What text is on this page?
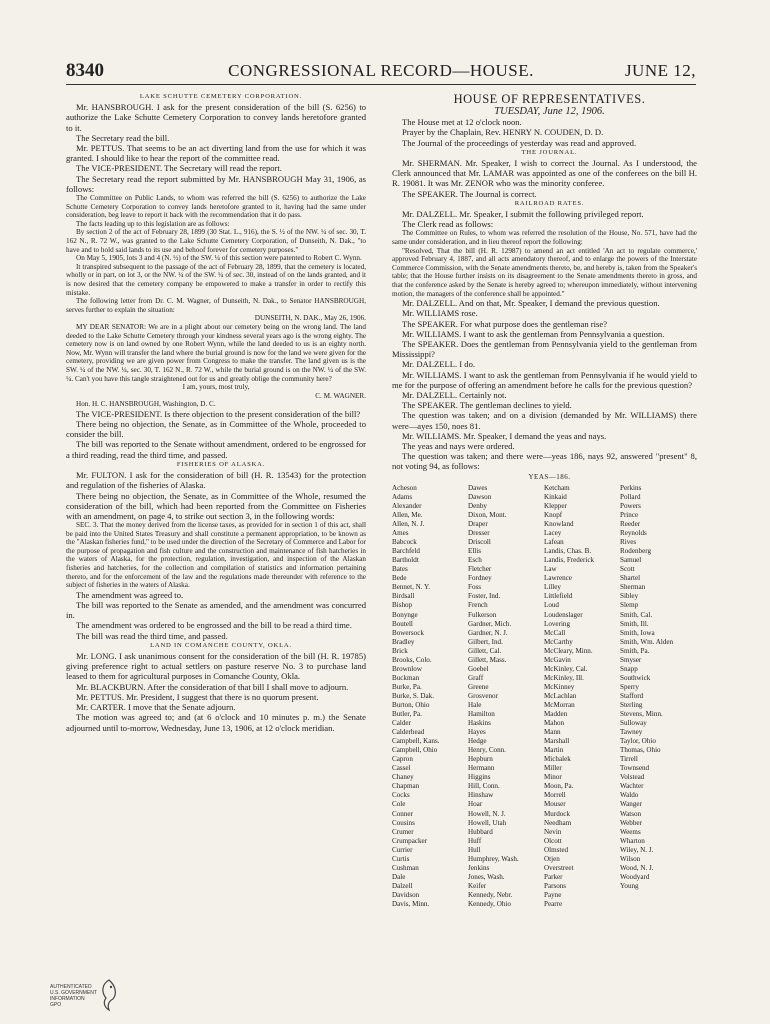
8340	CONGRESSIONAL RECORD—HOUSE.	JUNE 12,

LAKE SCHUTTE CEMETERY CORPORATION.

Mr. HANSBROUGH. I ask for the present consideration of the bill (S. 6256) to authorize the Lake Schutte Cemetery Corporation to convey lands heretofore granted to it.

The Secretary read the bill.

Mr. PETTUS. That seems to be an act diverting land from the use for which it was granted. I should like to hear the report of the committee read.

The VICE-PRESIDENT. The Secretary will read the report.

The Secretary read the report submitted by Mr. HANSBROUGH May 31, 1906, as follows:

The Committee on Public Lands, to whom was referred the bill (S. 6256) to authorize the Lake Schutte Cemetery Corporation to convey lands heretofore granted to it, having had the same under consideration, beg leave to report it back with the recommendation that it do pass.

The facts leading up to this legislation are as follows:

By section 2 of the act of February 28, 1899 (30 Stat. L., 916), the S. ½ of the NW. ¼ of sec. 30, T. 162 N., R. 72 W., was granted to the Lake Schutte Cemetery Corporation, of Dunseith, N. Dak., "to have and to hold said lands to its use and behoof forever for cemetery purposes."

On May 5, 1905, lots 3 and 4 (N. ½) of the SW. ¼ of this section were patented to Robert C. Wynn.

It transpired subsequent to the passage of the act of February 28, 1899, that the cemetery is located, wholly or in part, on lot 3, or the NW. ¼ of the SW. ¼ of sec. 30, instead of on the lands granted, and it is now desired that the cemetery company be empowered to make a transfer in order to rectify this mistake.

The following letter from Dr. C. M. Wagner, of Dunseith, N. Dak., to Senator HANSBROUGH, serves further to explain the situation:

DUNSEITH, N. DAK., May 26, 1906.

MY DEAR SENATOR: We are in a plight about our cemetery being on the wrong land. The land deeded to the Lake Schutte Cemetery through your kindness several years ago is the wrong eighty. The cemetery now is on land owned by one Robert Wynn, while the land deeded to us is an eighty north. Now, Mr. Wynn will transfer the land where the burial ground is now for the land we were given for the cemetery, providing we are given power from Congress to make the transfer. The land given us is the SW. ¼ of the NW. ¼, sec. 30, T. 162 N., R. 72 W., while the burial ground is on the NW. ¼ of the SW. ¼. Can't you have this tangle straightened out for us and greatly oblige the community here?

I am, yours, most truly,

C. M. WAGNER.

Hon. H. C. HANSBROUGH, Washington, D. C.

The VICE-PRESIDENT. Is there objection to the present consideration of the bill?

There being no objection, the Senate, as in Committee of the Whole, proceeded to consider the bill.

The bill was reported to the Senate without amendment, ordered to be engrossed for a third reading, read the third time, and passed.

FISHERIES OF ALASKA.

Mr. FULTON. I ask for the consideration of bill (H. R. 13543) for the protection and regulation of the fisheries of Alaska.

There being no objection, the Senate, as in Committee of the Whole, resumed the consideration of the bill, which had been reported from the Committee on Fisheries with an amendment, on page 4, to strike out section 3, in the following words:

SEC. 3. That the money derived from the license taxes, as provided for in section 1 of this act, shall be paid into the United States Treasury and shall constitute a permanent appropriation, to be known as the "Alaskan fisheries fund," to be used under the direction of the Secretary of Commerce and Labor for the purpose of propagation and fish culture and the construction and maintenance of fish hatcheries in the waters of Alaska, for the protection, regulation, investigation, and inspection of the Alaskan fisheries and hatcheries, for the collection and compilation of statistics and information pertaining thereto, and for the enforcement of the law and the regulations made thereunder with reference to the subject of fisheries in the waters of Alaska.

The amendment was agreed to.

The bill was reported to the Senate as amended, and the amendment was concurred in.

The amendment was ordered to be engrossed and the bill to be read a third time.

The bill was read the third time, and passed.

LAND IN COMANCHE COUNTY, OKLA.

Mr. LONG. I ask unanimous consent for the consideration of the bill (H. R. 19785) giving preference right to actual settlers on pasture reserve No. 3 to purchase land leased to them for agricultural purposes in Comanche County, Okla.

Mr. BLACKBURN. After the consideration of that bill I shall move to adjourn.

Mr. PETTUS. Mr. President, I suggest that there is no quorum present.

Mr. CARTER. I move that the Senate adjourn.

The motion was agreed to; and (at 6 o'clock and 10 minutes p. m.) the Senate adjourned until to-morrow, Wednesday, June 13, 1906, at 12 o'clock meridian.

HOUSE OF REPRESENTATIVES.

TUESDAY, June 12, 1906.

The House met at 12 o'clock noon.

Prayer by the Chaplain, Rev. HENRY N. COUDEN, D. D.

The Journal of the proceedings of yesterday was read and approved.

THE JOURNAL.

Mr. SHERMAN. Mr. Speaker, I wish to correct the Journal. As I understood, the Clerk announced that Mr. LAMAR was appointed as one of the conferees on the bill H. R. 19081. It was Mr. ZENOR who was the minority conferee.

The SPEAKER. The Journal is correct.

RAILROAD RATES.

Mr. DALZELL. Mr. Speaker, I submit the following privileged report.

The Clerk read as follows:

The Committee on Rules, to whom was referred the resolution of the House, No. 571, have had the same under consideration, and in lieu thereof report the following:

"Resolved, That the bill (H. R. 12987) to amend an act entitled 'An act to regulate commerce,' approved February 4, 1887, and all acts amendatory thereof, and to enlarge the powers of the Interstate Commerce Commission, with the Senate amendments thereto, be, and hereby is, taken from the Speaker's table; that the House further insists on its disagreement to the Senate amendments thereto in gross, and that the conference asked by the Senate is hereby agreed to; whereupon immediately, without intervening motion, the managers of the conference shall be appointed."

Mr. DALZELL. And on that, Mr. Speaker, I demand the previous question.

Mr. WILLIAMS rose.

The SPEAKER. For what purpose does the gentleman rise?

Mr. WILLIAMS. I want to ask the gentleman from Pennsylvania a question.

The SPEAKER. Does the gentleman from Pennsylvania yield to the gentleman from Mississippi?

Mr. DALZELL. I do.

Mr. WILLIAMS. I want to ask the gentleman from Pennsylvania if he would yield to me for the purpose of offering an amendment before he calls for the previous question?

Mr. DALZELL. Certainly not.

The SPEAKER. The gentleman declines to yield.

The question was taken; and on a division (demanded by Mr. WILLIAMS) there were—ayes 150, noes 81.

Mr. WILLIAMS. Mr. Speaker, I demand the yeas and nays.

The yeas and nays were ordered.

The question was taken; and there were—yeas 186, nays 92, answered "present" 8, not voting 94, as follows:

YEAS—186.

Acheson
Adams
Alexander
Allen, Me.
Allen, N. J.
Ames
Babcock
Barchfeld
Bartholdt
Bates
Bede
Bennet, N. Y.
Birdsall
Bishop
Bonynge
Boutell
Bowersock
Bradley
Brick
Brooks, Colo.
Brownlow
Buckman
Burke, Pa.
Burke, S. Dak.
Burton, Ohio
Butler, Pa.
Calder
Calderhead
Campbell, Kans.
Campbell, Ohio
Capron
Cassel
Chaney
Chapman
Cocks
Cole
Conner
Cousins
Crumer
Crumpacker
Currier
Curtis
Cushman
Dale
Dalzell
Davidson
Davis, Minn.
Dawes
Dawson
Denby
Dixon, Mont.
Draper
Dresser
Driscoll
Ellis
Esch
Fletcher
Fordney
Foss
Foster, Ind.
French
Fulkerson
Gardner, Mich.
Gardner, N. J.
Gilbert, Ind.
Gillett, Cal.
Gillett, Mass.
Goebel
Graff
Greene
Grosvenor
Hale
Hamilton
Haskins
Hayes
Hedge
Henry, Conn.
Hepburn
Hermann
Higgins
Hill, Conn.
Hinshaw
Hoar
Howell, N. J.
Howell, Utah
Hubbard
Huff
Hull
Humphrey, Wash.
Jenkins
Jones, Wash.
Keifer
Kennedy, Nebr.
Kennedy, Ohio
Ketcham
Kinkaid
Klepper
Knopf
Knowland
Lacey
Lafean
Landis, Chas. B.
Landis, Frederick
Law
Lawrence
Lilley
Littlefield
Loud
Loudenslager
Lovering
McCall
McCarthy
McCleary, Minn.
McGavin
McKinley, Cal.
McKinley, Ill.
McKinney
McLachlan
McMorran
Madden
Mahon
Mann
Marshall
Martin
Michalek
Miller
Minor
Moon, Pa.
Morrell
Mouser
Murdock
Needham
Nevin
Olcott
Olmsted
Otjen
Overstreet
Parker
Parsons
Payne
Pearre
Perkins
Pollard
Powers
Prince
Reeder
Reynolds
Rives
Rodenberg
Samuel
Scott
Shartel
Sherman
Sibley
Slemp
Smith, Cal.
Smith, Ill.
Smith, Iowa
Smith, Wm. Alden
Smith, Pa.
Smyser
Snapp
Southwick
Sperry
Stafford
Sterling
Stevens, Minn.
Sulloway
Tawney
Taylor, Ohio
Thomas, Ohio
Tirrell
Townsend
Volstead
Wachter
Waldo
Wanger
Watson
Webber
Weems
Wharton
Wiley, N. J.
Wilson
Wood, N. J.
Woodyard
Young
AUTHENTICATED
U.S. GOVERNMENT
INFORMATION
GPO
